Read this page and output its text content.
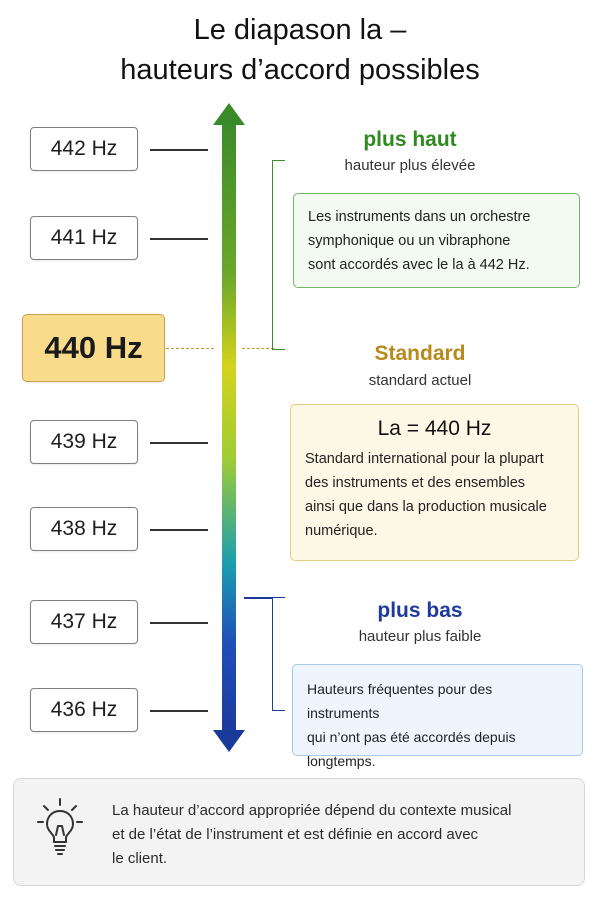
Le diapason la –
hauteurs d’accord possibles
442 Hz
441 Hz
440 Hz
439 Hz
438 Hz
437 Hz
436 Hz
plus haut
hauteur plus élevée
Les instruments dans un orchestre
symphonique ou un vibraphone
sont accordés avec le la à 442 Hz.
Standard
standard actuel
La = 440 Hz
Standard international pour la plupart
des instruments et des ensembles
ainsi que dans la production musicale
numérique.
plus bas
hauteur plus faible
Hauteurs fréquentes pour des instruments
qui n’ont pas été accordés depuis
longtemps.
La hauteur d’accord appropriée dépend du contexte musical
et de l’état de l’instrument et est définie en accord avec
le client.
